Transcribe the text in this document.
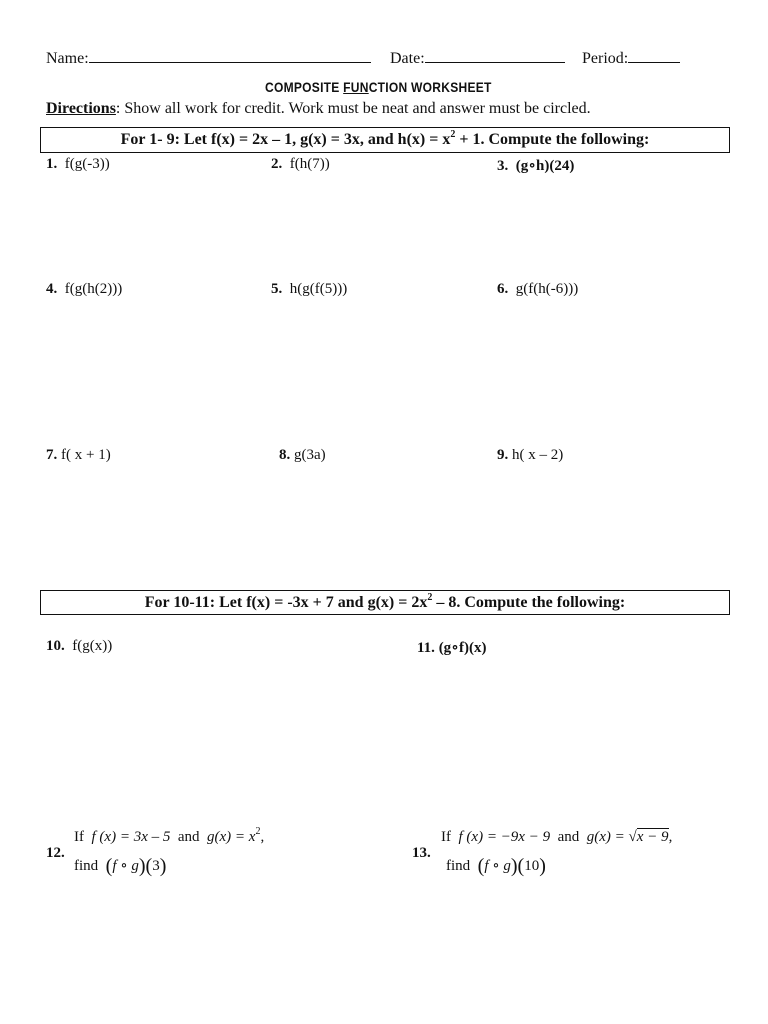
Name:	Date:	Period:
COMPOSITE FUNCTION WORKSHEET
Directions: Show all work for credit. Work must be neat and answer must be circled.
For 1- 9: Let f(x) = 2x – 1, g(x) = 3x, and $h(x) = x^2 + 1$. Compute the following:
1. f(g(-3))	2. f(h(7))	3. (g∘h)(24)
4. f(g(h(2)))	5. h(g(f(5)))	6. g(f(h(-6)))
7. f( x + 1)	8. g(3a)	9. h( x – 2)
For 10-11: Let f(x) = -3x + 7 and $g(x) = 2x^2 - 8$. Compute the following:
10. f(g(x))	11. (g∘f)(x)
12.
If f (x) = 3x – 5 and $g(x) = x^2$,
find (f ∘ g)(3)
13.
If f (x) = −9x − 9 and g(x) = √x − 9,
find (f ∘ g)(10)
